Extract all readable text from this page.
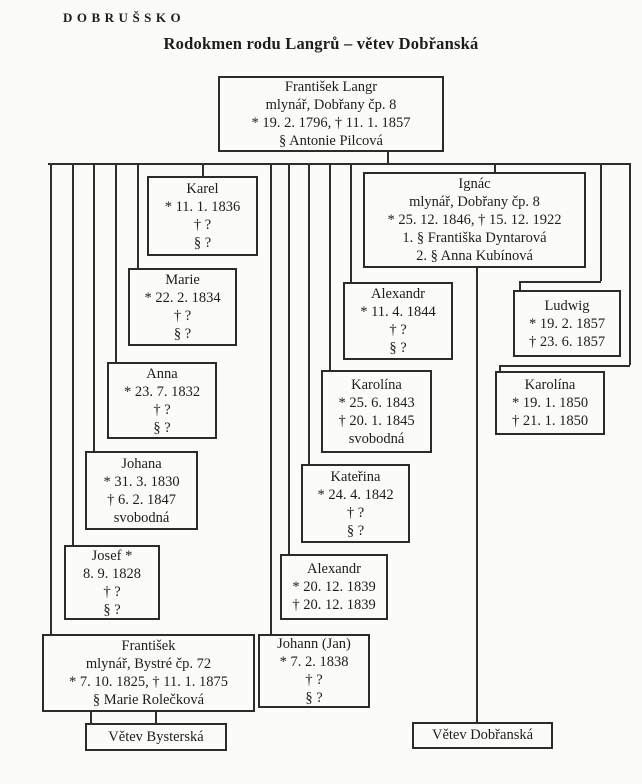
DOBRUŠSKO
Rodokmen rodu Langrů – větev Dobřanská
František Langr
mlynář, Dobřany čp. 8
* 19. 2. 1796, † 11. 1. 1857
§ Antonie Pilcová
Karel
* 11. 1. 1836
† ?
§ ?
Marie
* 22. 2. 1834
† ?
§ ?
Anna
* 23. 7. 1832
† ?
§ ?
Johana
* 31. 3. 1830
† 6. 2. 1847
svobodná
Josef *
8. 9. 1828
† ?
§ ?
František
mlynář, Bystré čp. 72
* 7. 10. 1825, † 11. 1. 1875
§ Marie Rolečková
Alexandr
* 11. 4. 1844
† ?
§ ?
Karolína
* 25. 6. 1843
† 20. 1. 1845
svobodná
Kateřina
* 24. 4. 1842
† ?
§ ?
Alexandr
* 20. 12. 1839
† 20. 12. 1839
Johann (Jan)
* 7. 2. 1838
† ?
§ ?
Ignác
mlynář, Dobřany čp. 8
* 25. 12. 1846, † 15. 12. 1922
1. § Františka Dyntarová
2. § Anna Kubínová
Ludwig
* 19. 2. 1857
† 23. 6. 1857
Karolína
* 19. 1. 1850
† 21. 1. 1850
Větev Bysterská	Větev Dobřanská
